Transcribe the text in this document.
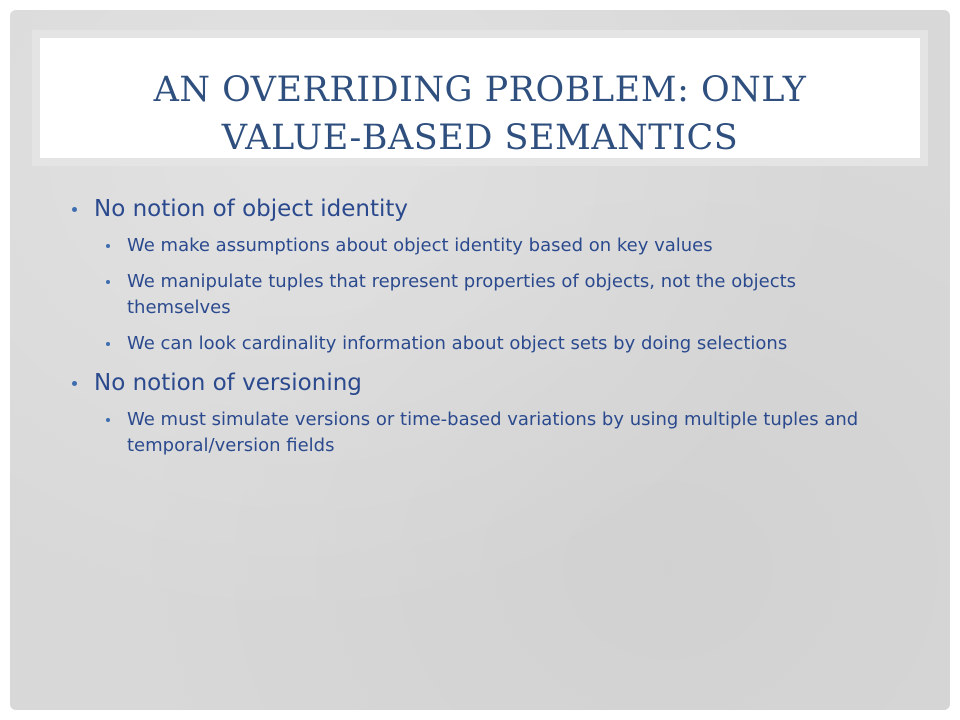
AN OVERRIDING PROBLEM: ONLY
VALUE-BASED SEMANTICS
No notion of object identity
We make assumptions about object identity based on key values
We manipulate tuples that represent properties of objects, not the objects themselves
We can look cardinality information about object sets by doing selections
No notion of versioning
We must simulate versions or time-based variations by using multiple tuples and temporal/version fields
